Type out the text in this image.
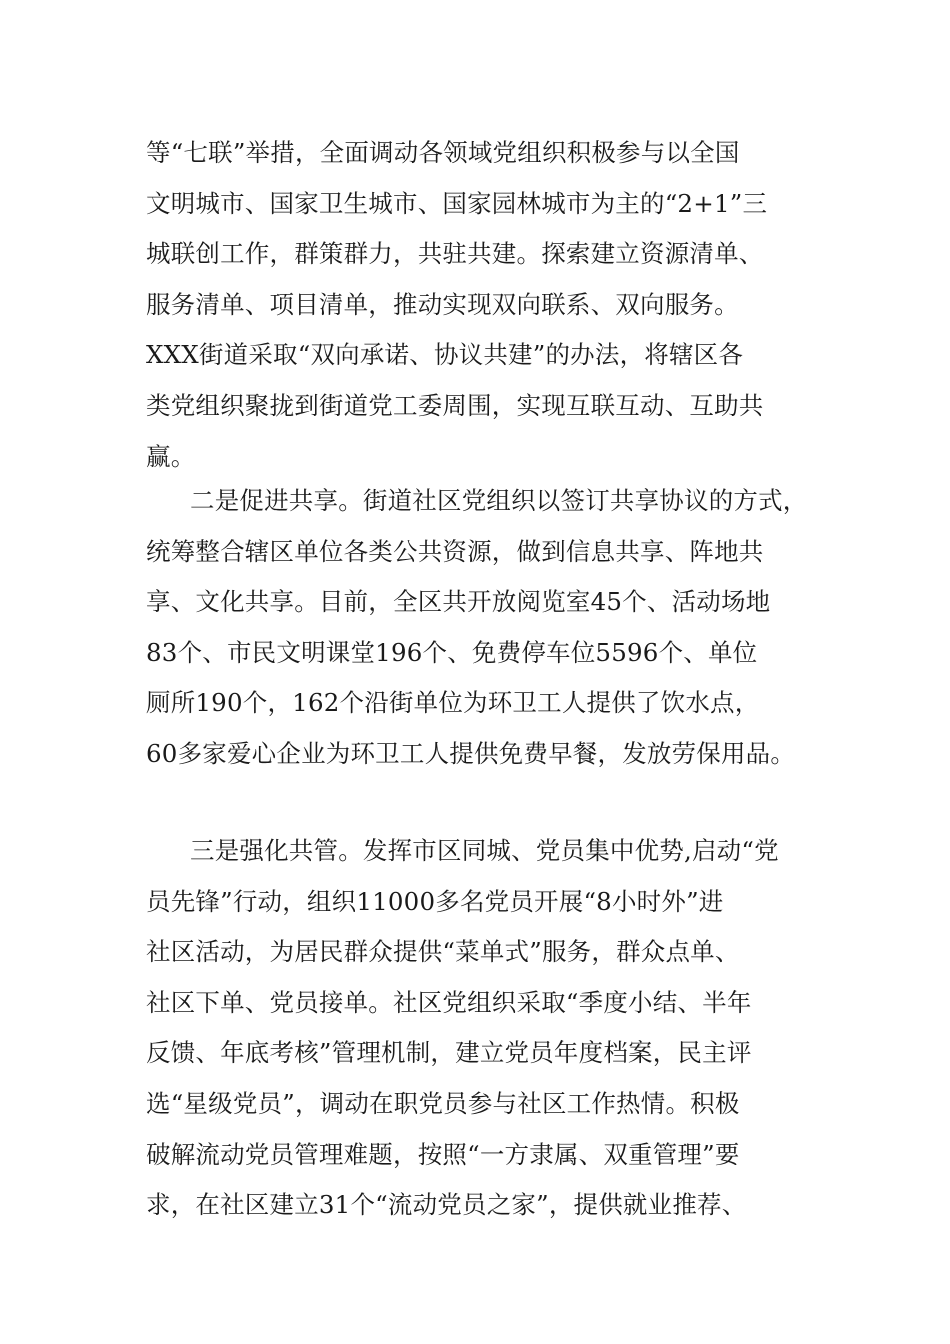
等“七联”举措，全面调动各领域党组织积极参与以全国
文明城市、国家卫生城市、国家园林城市为主的“2+1”三
城联创工作，群策群力，共驻共建。探索建立资源清单、
服务清单、项目清单，推动实现双向联系、双向服务。
XXX街道采取“双向承诺、协议共建”的办法，将辖区各
类党组织聚拢到街道党工委周围，实现互联互动、互助共
赢。
二是促进共享。街道社区党组织以签订共享协议的方式，
统筹整合辖区单位各类公共资源，做到信息共享、阵地共
享、文化共享。目前，全区共开放阅览室45个、活动场地
83个、市民文明课堂196个、免费停车位5596个、单位
厕所190个，162个沿街单位为环卫工人提供了饮水点，
60多家爱心企业为环卫工人提供免费早餐，发放劳保用品。
三是强化共管。发挥市区同城、党员集中优势,启动“党
员先锋”行动，组织11000多名党员开展“8小时外”进
社区活动，为居民群众提供“菜单式”服务，群众点单、
社区下单、党员接单。社区党组织采取“季度小结、半年
反馈、年底考核”管理机制，建立党员年度档案，民主评
选“星级党员”，调动在职党员参与社区工作热情。积极
破解流动党员管理难题，按照“一方隶属、双重管理”要
求，在社区建立31个“流动党员之家”，提供就业推荐、
